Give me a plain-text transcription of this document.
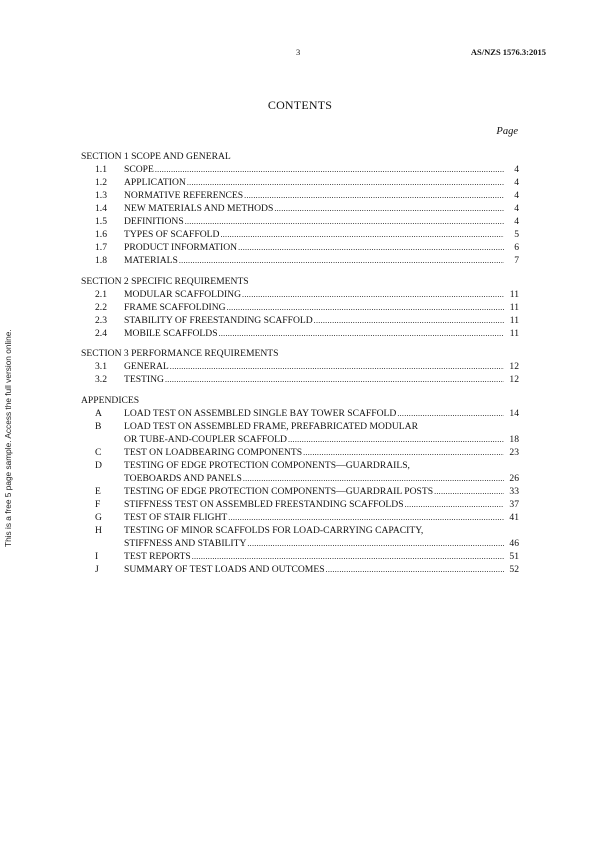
This is a free 5 page sample. Access the full version online.
3	AS/NZS 1576.3:2015
CONTENTS
Page
SECTION 1 SCOPE AND GENERAL
1.1	SCOPE .....	4
1.2	APPLICATION .....	4
1.3	NORMATIVE REFERENCES .....	4
1.4	NEW MATERIALS AND METHODS .....	4
1.5	DEFINITIONS .....	4
1.6	TYPES OF SCAFFOLD .....	5
1.7	PRODUCT INFORMATION .....	6
1.8	MATERIALS .....	7
SECTION 2 SPECIFIC REQUIREMENTS
2.1	MODULAR SCAFFOLDING .....	11
2.2	FRAME SCAFFOLDING .....	11
2.3	STABILITY OF FREESTANDING SCAFFOLD .....	11
2.4	MOBILE SCAFFOLDS .....	11
SECTION 3 PERFORMANCE REQUIREMENTS
3.1	GENERAL .....	12
3.2	TESTING .....	12
APPENDICES
A	LOAD TEST ON ASSEMBLED SINGLE BAY TOWER SCAFFOLD .....	14
B	LOAD TEST ON ASSEMBLED FRAME, PREFABRICATED MODULAR
OR TUBE-AND-COUPLER SCAFFOLD .....	18
C	TEST ON LOADBEARING COMPONENTS .....	23
D	TESTING OF EDGE PROTECTION COMPONENTS—GUARDRAILS,
TOEBOARDS AND PANELS .....	26
E	TESTING OF EDGE PROTECTION COMPONENTS—GUARDRAIL POSTS .....	33
F	STIFFNESS TEST ON ASSEMBLED FREESTANDING SCAFFOLDS .....	37
G	TEST OF STAIR FLIGHT .....	41
H	TESTING OF MINOR SCAFFOLDS FOR LOAD-CARRYING CAPACITY,
STIFFNESS AND STABILITY .....	46
I	TEST REPORTS .....	51
J	SUMMARY OF TEST LOADS AND OUTCOMES .....	52
